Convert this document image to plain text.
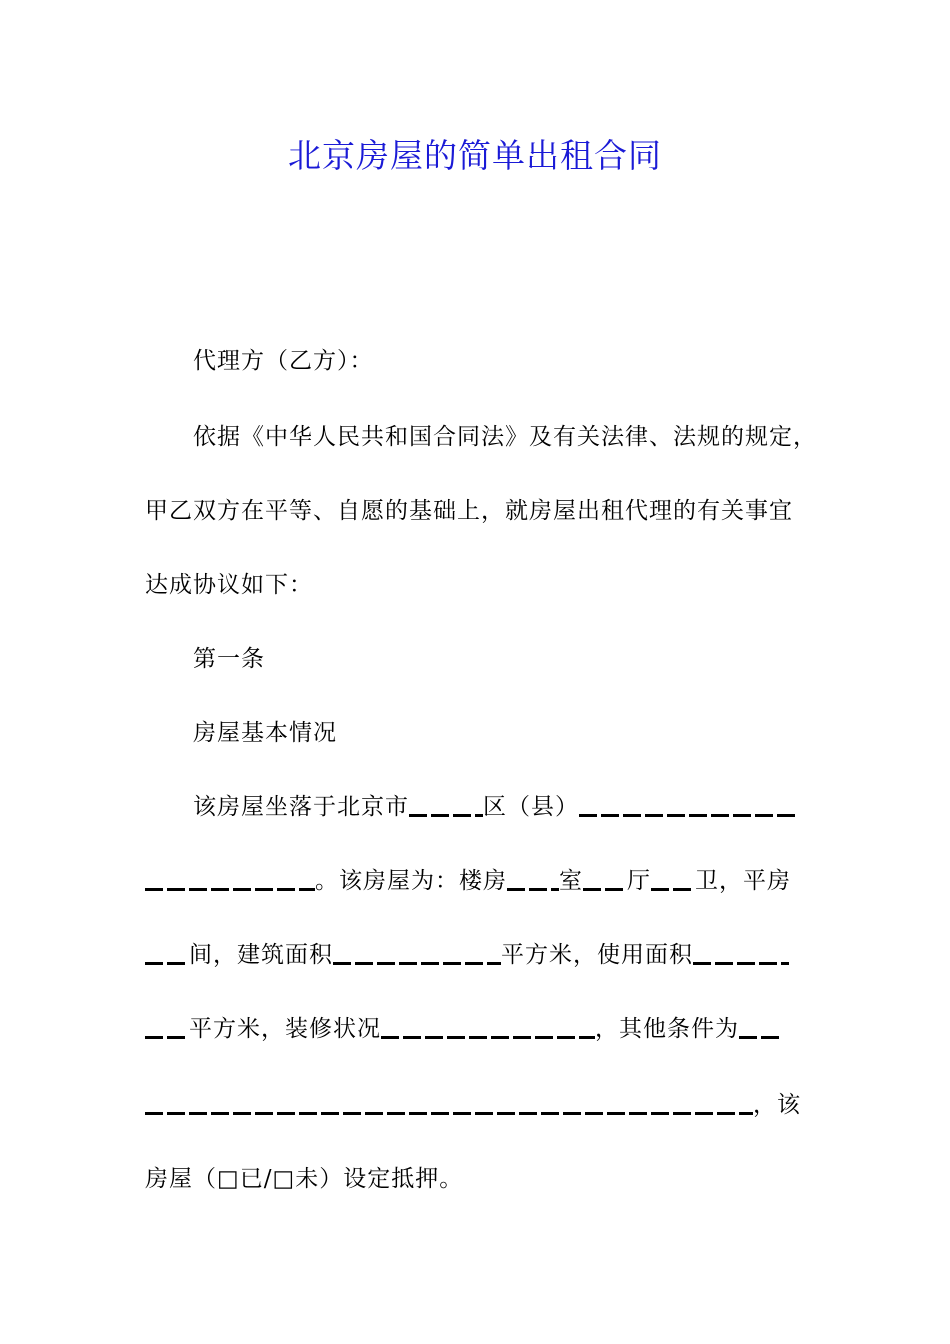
北京房屋的简单出租合同
代理方（乙方）：
依据《中华人民共和国合同法》及有关法律、法规的规定，
甲乙双方在平等、自愿的基础上，就房屋出租代理的有关事宜
达成协议如下：
第一条
房屋基本情况
该房屋坐落于北京市	区（县）
。该房屋为：楼房 室 厅 卫，平房
间，建筑面积	平方米，使用面积
平方米，装修状况	，其他条件为
，该
房屋（□已/□未）设定抵押。
